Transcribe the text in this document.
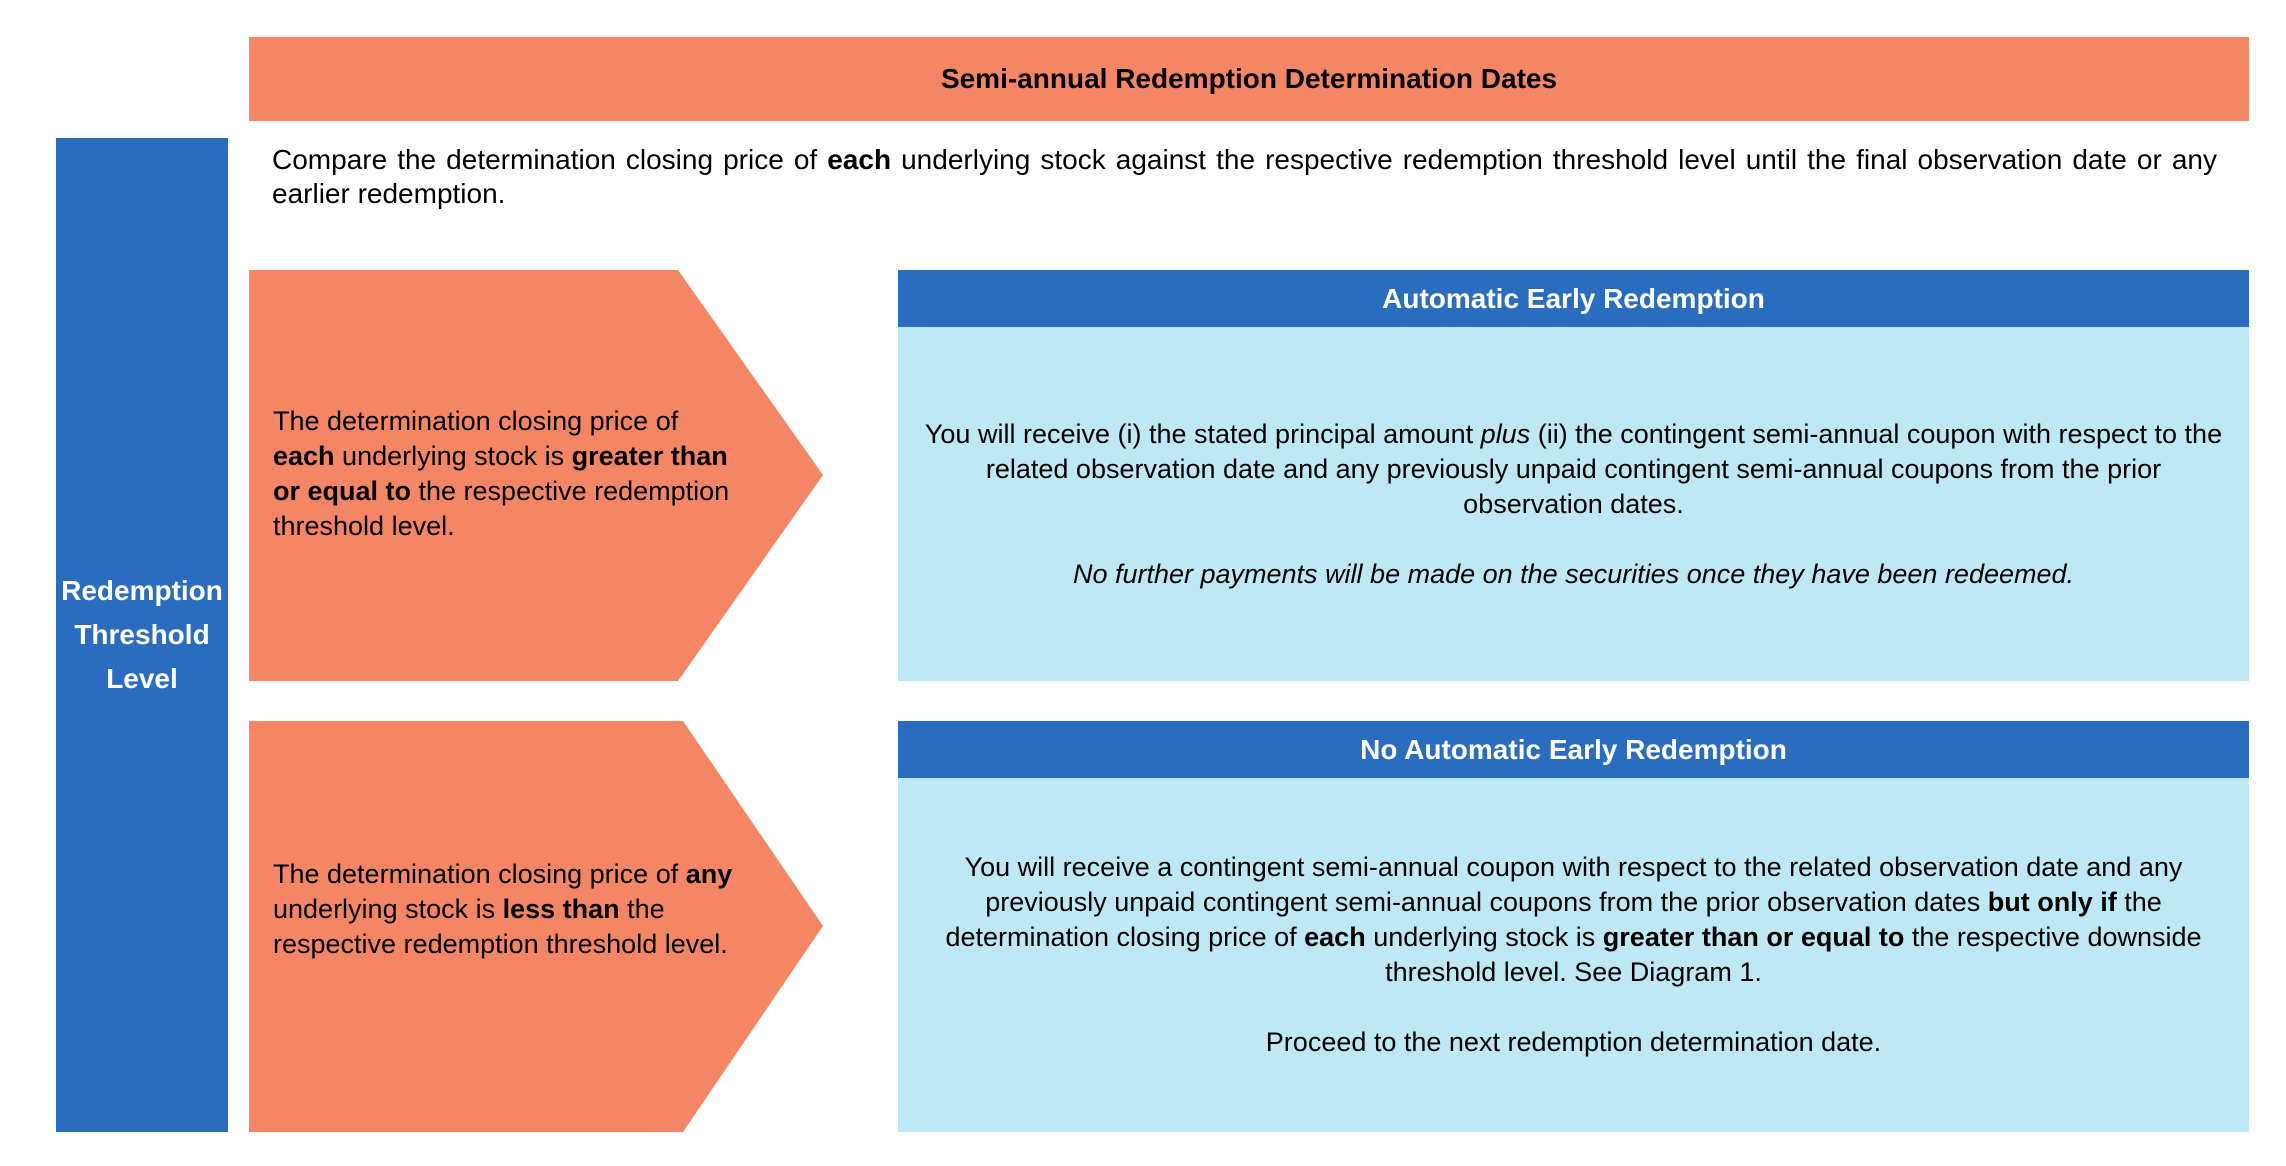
Semi-annual Redemption Determination Dates
Redemption
Threshold
Level
Compare the determination closing price of each underlying stock against the respective redemption threshold level until the final observation date or any earlier redemption.
The determination closing price of each underlying stock is greater than or equal to the respective redemption threshold level.
The determination closing price of any underlying stock is less than the respective redemption threshold level.
Automatic Early Redemption

You will receive (i) the stated principal amount plus (ii) the contingent semi-annual coupon with respect to the related observation date and any previously unpaid contingent semi-annual coupons from the prior observation dates.

No further payments will be made on the securities once they have been redeemed.

No Automatic Early Redemption

You will receive a contingent semi-annual coupon with respect to the related observation date and any previously unpaid contingent semi-annual coupons from the prior observation dates but only if the determination closing price of each underlying stock is greater than or equal to the respective downside threshold level. See Diagram 1.

Proceed to the next redemption determination date.
